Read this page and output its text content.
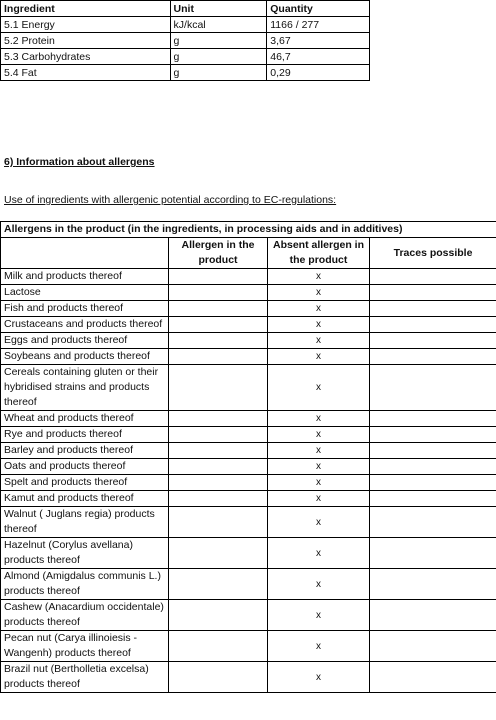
Ingredient	Unit	Quantity
5.1 Energy	kJ/kcal	1166 / 277
5.2 Protein	g	3,67
5.3 Carbohydrates	g	46,7
5.4 Fat	g	0,29
6) Information about allergens
Use of ingredients with allergenic potential according to EC-regulations:
Allergens in the product (in the ingredients, in processing aids and in additives)			
	Allergen in the product	Absent allergen in the product	Traces possible
Milk and products thereof		x	
Lactose		x	
Fish and products thereof		x	
Crustaceans and products thereof		x	
Eggs and products thereof		x	
Soybeans and products thereof		x	
Cereals containing gluten or their hybridised strains and products thereof		x	
Wheat and products thereof		x	
Rye and products thereof		x	
Barley and products thereof		x	
Oats and products thereof		x	
Spelt and products thereof		x	
Kamut and products thereof		x	
Walnut ( Juglans regia) products thereof		x	
Hazelnut (Corylus avellana) products thereof		x	
Almond (Amigdalus communis L.) products thereof		x	
Cashew (Anacardium occidentale) products thereof		x	
Pecan nut (Carya illinoiesis - Wangenh) products thereof		x	
Brazil nut (Bertholletia excelsa) products thereof		x	
